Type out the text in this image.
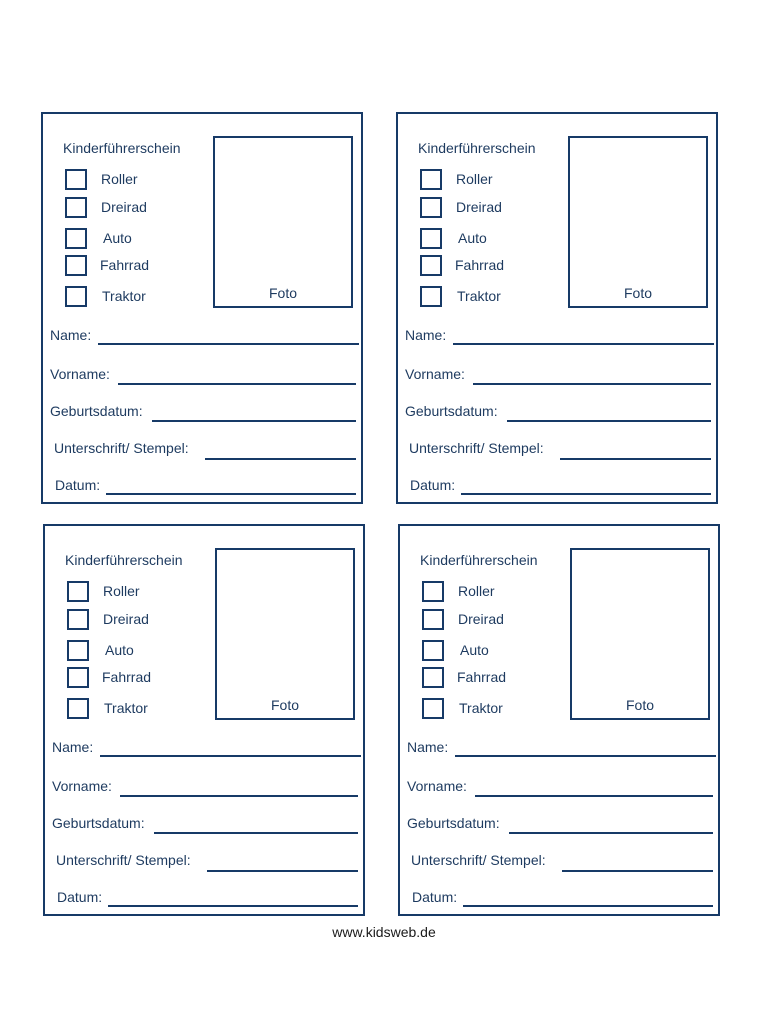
Kinderführerschein
Roller
Dreirad
Auto
Fahrrad
Traktor	Foto
Name:
Vorname:
Geburtsdatum:
Unterschrift/ Stempel:
Datum:
Kinderführerschein
Roller
Dreirad
Auto
Fahrrad
Traktor	Foto
Name:
Vorname:
Geburtsdatum:
Unterschrift/ Stempel:
Datum:
Kinderführerschein
Roller
Dreirad
Auto
Fahrrad
Traktor	Foto
Name:
Vorname:
Geburtsdatum:
Unterschrift/ Stempel:
Datum:
Kinderführerschein
Roller
Dreirad
Auto
Fahrrad
Traktor	Foto
Name:
Vorname:
Geburtsdatum:
Unterschrift/ Stempel:
Datum:
www.kidsweb.de
